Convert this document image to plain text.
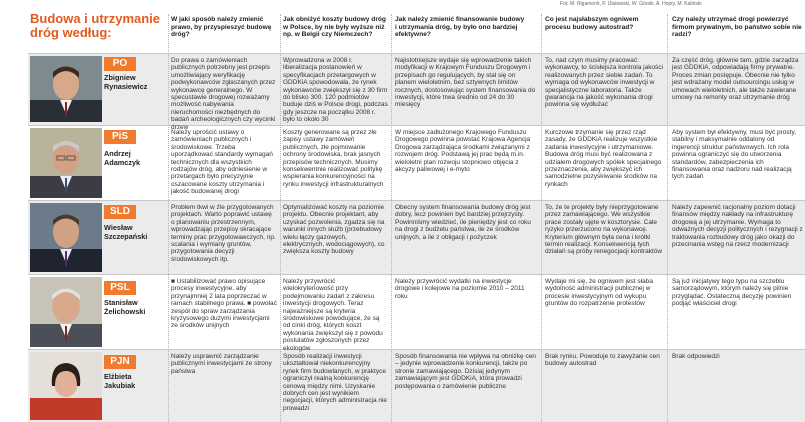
Fot. M. Rigamonti, P. Ulatowski, W. Górski, A. Hojny, M. Kaliński
Budowa i utrzymanie dróg według:
W jaki sposób należy zmienić prawo, by przyspieszyć budowę dróg?
Jak obniżyć koszty budowy dróg w Polsce, by nie były wyższe niż np. w Belgii czy Niemczech?
Jak należy zmienić finansowanie budowy i utrzymania dróg, by było ono bardziej efektywne?
Co jest najsłabszym ogniwem procesu budowy autostrad?
Czy należy utrzymać drogi powierzyć firmom prywatnym, bo państwo sobie nie radzi?
PO
Zbigniew
Rynasiewicz
Do prawa o zamówieniach publicznych potrzebny jest przepis umożliwiający weryfikację podwykonawców zgłaszanych przez wykonawcę generalnego. W specustawie drogowej rozważamy możliwość nabywania nieruchomości niezbędnych do badań archeologicznych czy wycinki drzew
Wprowadzona w 2008 r. liberalizacja postanowień w specyfikacjach przetargowych w GDDKiA spowodowała, że rynek wykonawców zwiększył się z 30 firm do blisko 300. 120 podmiotów buduje dziś w Polsce drogi, podczas gdy jeszcze na początku 2008 r. było to około 30
Najistotniejsze wydaje się wprowadzenie takich modyfikacji w Krajowym Funduszu Drogowym i przepisach go regulujących, by stał się on planem wieloletnim, bez sztywnych limitów rocznych, dostosowując system finansowania do inwestycji, które trwa średnio od 24 do 30 miesięcy
To, nad czym musimy pracować: wykonawcy, to ścisłejsza kontrola jakości realizowanych przez siebie zadań. To wymaga od wykonawców inwestycji w specjalistyczne laboratoria. Także gwarancja na jakość wykonania drogi powinna się wydłużać
Za część dróg, głównie tam, gdzie zarządza jest GDDKiA, odpowiadają firmy prywatne. Proces zmian postępuje. Obecnie nie tylko jest wdrażany model outsourcingu usług w umowach wieloletnich, ale także zawierane umowy na remonty oraz utrzymanie dróg
PiS
Andrzej
Adamczyk
Należy uprościć ustawy o zamówieniach publicznych i środowiskowe. Trzeba uporządkować standardy wymagań technicznych dla wszystkich rodzajów dróg, aby odniesienie w przetargach było precyzyjnie oszacowane koszty utrzymania i jakość budowanej drogi
Koszty generowane są przez złe zapisy ustawy zamówień publicznych, złe pojmowanie ochrony środowiska, brak jasnych przepisów technicznych. Musimy konsekwentnie realizować politykę wspierania konkurencyjności na rynku inwestycji infrastrukturalnych
W miejsce zadłużonego Krajowego Funduszu Drogowego powinna powstać Krajowa Agencja Drogowa zarządzająca środkami związanymi z rozwojem dróg. Podstawą jej prac będą m.in. wieloletni plan rozwoju stopniowo objęcia z akcyzy paliwowej i e-myto
Kurczowe trzymanie się przez rząd zasady, że GDDKiA realizuje wszystkie zadania inwestycyjne i utrzymaniowe. Budowa dróg musi być realizowana z udziałem drogowych spółek specjalnego przeznaczenia, aby zwiększyć ich samodzielne pozyskiwanie środków na rynkach
Aby system był efektywny, musi być prosty, stabilny i maksymalnie oddalony od ingerencji struktur państwowych. Ich rola powinna ograniczyć się do utworzenia standardów, zabezpieczenia ich finansowania oraz nadzoru nad realizacją tych zadań
SLD
Wiesław
Szczepański
Problem tkwi w źle przygotowanych projektach. Warto poprawić ustawę o planowaniu przestrzennym, wprowadzając przepisy skracające terminy prac przygotowawczych, np. scalania i wymiany gruntów, przygotowania decyzji środowiskowych itp.
Optymalizować koszty na poziomie projektu. Obecnie projektant, aby uzyskać pozwolenia, zgadza się na warunki innych służb (przebudowy wielu łączy gazowych, elektrycznych, wodociągowych), co zwiększa koszty budowy
Obecny system finansowania budowy dróg jest dobry, lecz powinien być bardziej przejrzysty. Powinniśmy wiedzieć, ile pieniędzy jest co roku na drogi z budżetu państwa, ile ze środków unijnych, a ile z obligacji i pożyczek
To, że te projekty były nieprzygotowane przez zamawiającego. We wszystkie prace zostały ujęte w kosztorysie. Cale ryzyko przerzucono na wykonawcę. Kryterium głównym była cena i krótki termin realizacji. Konsekwencją tych działań są próby renegocjacji kontraktów
Należy zapewnić racjonalny poziom dotacji finansów między nakłady na infrastrukturę drogową a jej utrzymanie. Wymaga to odważnych decyzji politycznych i rezygnacji z traktowania rozbudowy dróg jako okazji do przecinania wstęg na rzecz modernizacji
PSL
Stanisław
Żelichowski
■ Ustabilizować prawo opisujące procesy inwestycyjne, aby przynajmniej 2 lata poprzeczać w ramach stabilnego prawa. ■ powołać zespół do spraw zarządzania kryzysowego dużymi inwestycjami ze środków unijnych
Należy przywrócić wielokryteriowość przy podejmowaniu zadań z zakresu inwestycji drogowych. Teraz najważniejsze są kryteria środowiskowe powodujące, że są od cinki dróg, których koszt wykonania zwiększył się z powodu postulatów zgłoszonych przez ekologów
Należy przywrócić wydatki na inwestycje drogowe i kolejowe na poziomie 2010 – 2011 roku
Wydaje mi się, że ogniwem jest słaba wydolność administracji publicznej w procesie inwestycyjnym od wykupu gruntów do rozpatrzenie protestów
Są już inicjatywy tego typu na szczeblu samorządowym, którym należy się pilnie przyglądać. Ostateczną decyzję powinien podjąć właściciel drogi
PJN
Elżbieta
Jakubiak
Należy usprawnić zarządzanie publicznymi inwestycjami ze strony państwa
Sposób realizacji inwestycji ukształtował niekonkurencyjny rynek firm budowlanych, w praktyce ograniczył realną konkurencję cenową między nimi. Uzyskanie dobrych cen jest wynikiem negocjacji, których administracja nie prowadzi
Sposób finansowania nie wpływa na obniżkę cen – jedynie wprowadzenie konkurencji, także po stronie zamawiającego. Dzisiaj jedynym zamawiającym jest GDDKiA, która prowadzi postępowania o zamówienie publiczne
Brak rynku. Powoduje to zawyżanie cen budowy autostrad
Brak odpowiedzi
